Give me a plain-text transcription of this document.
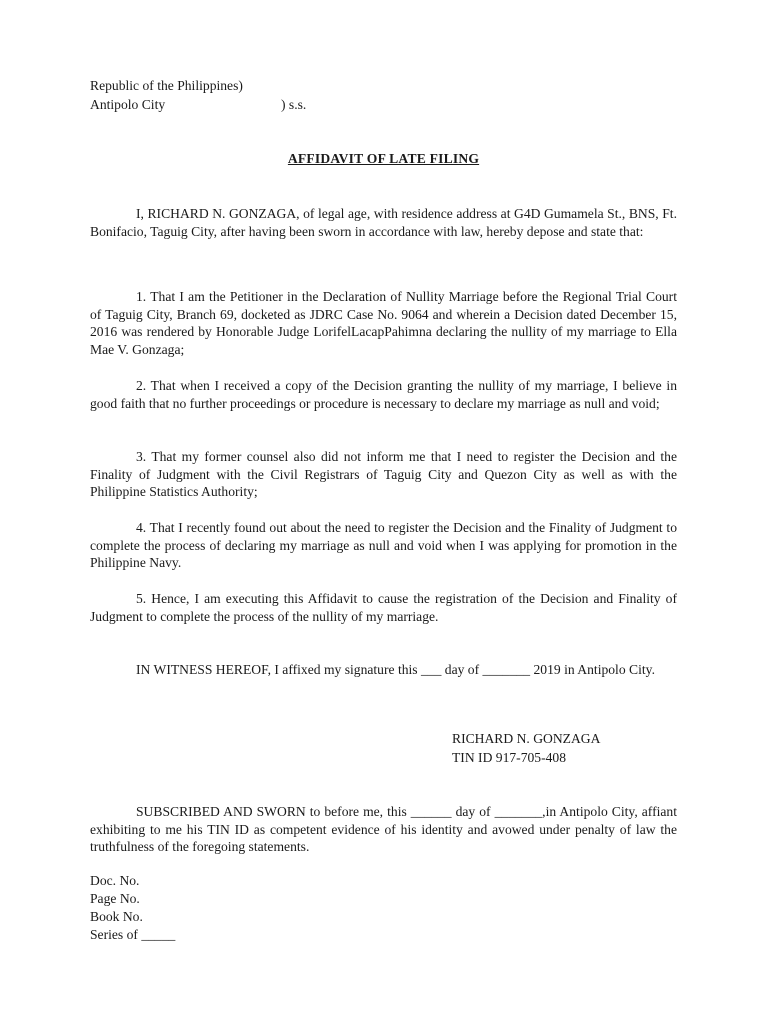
Republic of the Philippines)
Antipolo City	) s.s.
AFFIDAVIT OF LATE FILING
I, RICHARD N. GONZAGA, of legal age, with residence address at G4D Gumamela St., BNS, Ft. Bonifacio, Taguig City, after having been sworn in accordance with law, hereby depose and state that:
1. That I am the Petitioner in the Declaration of Nullity Marriage before the Regional Trial Court of Taguig City, Branch 69, docketed as JDRC Case No. 9064 and wherein a Decision dated December 15, 2016 was rendered by Honorable Judge LorifelLacapPahimna declaring the nullity of my marriage to Ella Mae V. Gonzaga;
2. That when I received a copy of the Decision granting the nullity of my marriage, I believe in good faith that no further proceedings or procedure is necessary to declare my marriage as null and void;
3. That my former counsel also did not inform me that I need to register the Decision and the Finality of Judgment with the Civil Registrars of Taguig City and Quezon City as well as with the Philippine Statistics Authority;
4. That I recently found out about the need to register the Decision and the Finality of Judgment to complete the process of declaring my marriage as null and void when I was applying for promotion in the Philippine Navy.
5. Hence, I am executing this Affidavit to cause the registration of the Decision and Finality of Judgment to complete the process of the nullity of my marriage.
IN WITNESS HEREOF, I affixed my signature this ___ day of _______ 2019 in Antipolo City.
RICHARD N. GONZAGA
TIN ID 917-705-408
SUBSCRIBED AND SWORN to before me, this ______ day of _______,in Antipolo City, affiant exhibiting to me his TIN ID as competent evidence of his identity and avowed under penalty of law the truthfulness of the foregoing statements.
Doc. No.
Page No.
Book No.
Series of _____
